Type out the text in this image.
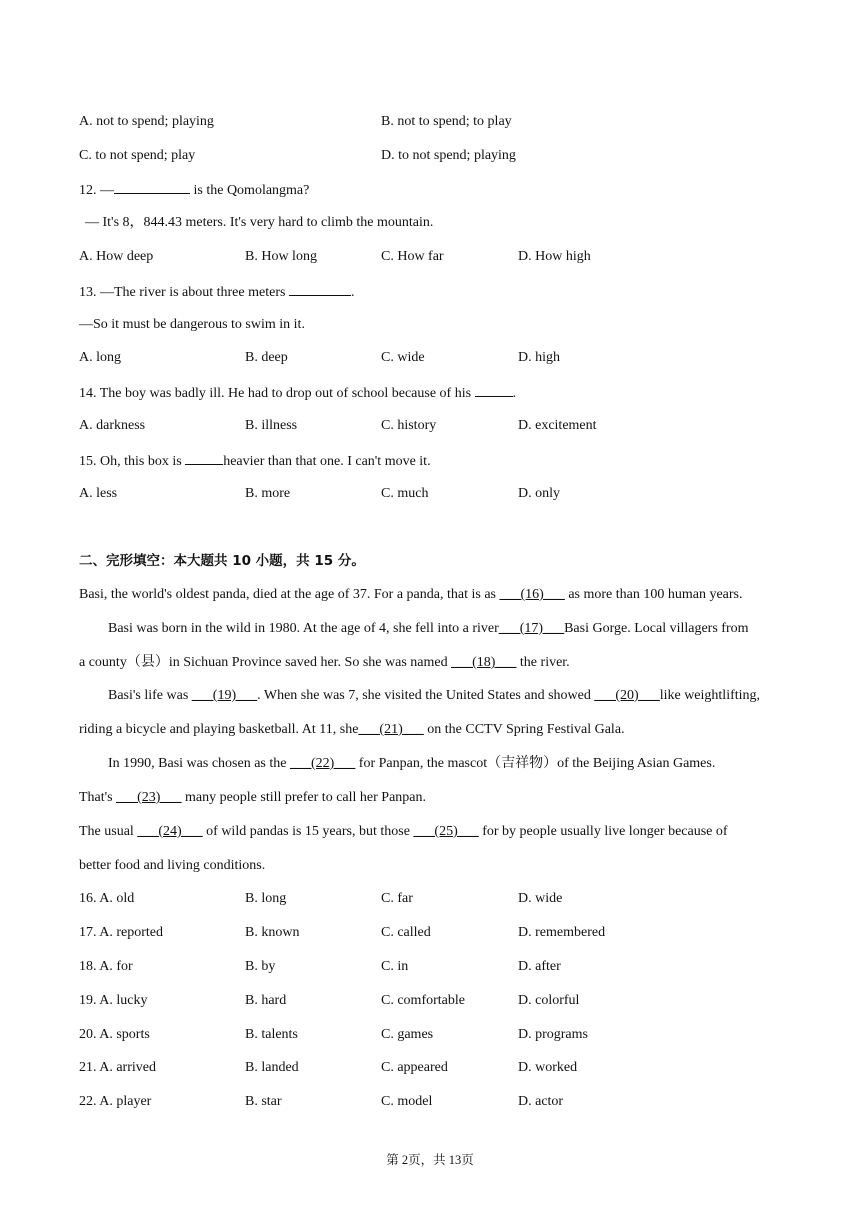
A. not to spend; playing	B. not to spend; to play
C. to not spend; play	D. to not spend; playing
12. —	is the Qomolangma?
— It's 8，844.43 meters. It's very hard to climb the mountain.
A. How deep	B. How long	C. How far	D. How high
13. —The river is about three meters	.
—So it must be dangerous to swim in it.
A. long	B. deep	C. wide	D. high
14. The boy was badly ill. He had to drop out of school because of his	.
A. darkness	B. illness	C. history	D. excitement
15. Oh, this box is	heavier than that one. I can't move it.
A. less	B. more	C. much	D. only
二、完形填空：本大题共 10 小题，共 15 分。
Basi, the world's oldest panda, died at the age of 37. For a panda, that is as ___(16)___ as more than 100 human years.
Basi was born in the wild in 1980. At the age of 4, she fell into a river___(17)___Basi Gorge. Local villagers from
a county（县）in Sichuan Province saved her. So she was named ___(18)___ the river.
Basi's life was ___(19)___. When she was 7, she visited the United States and showed ___(20)___like weightlifting,
riding a bicycle and playing basketball. At 11, she___(21)___ on the CCTV Spring Festival Gala.
In 1990, Basi was chosen as the ___(22)___ for Panpan, the mascot（吉祥物）of the Beijing Asian Games.
That's ___(23)___ many people still prefer to call her Panpan.
The usual ___(24)___ of wild pandas is 15 years, but those ___(25)___ for by people usually live longer because of
better food and living conditions.
16. A. old	B. long	C. far	D. wide
17. A. reported	B. known	C. called	D. remembered
18. A. for	B. by	C. in	D. after
19. A. lucky	B. hard	C. comfortable	D. colorful
20. A. sports	B. talents	C. games	D. programs
21. A. arrived	B. landed	C. appeared	D. worked
22. A. player	B. star	C. model	D. actor
第 2页，共 13页
